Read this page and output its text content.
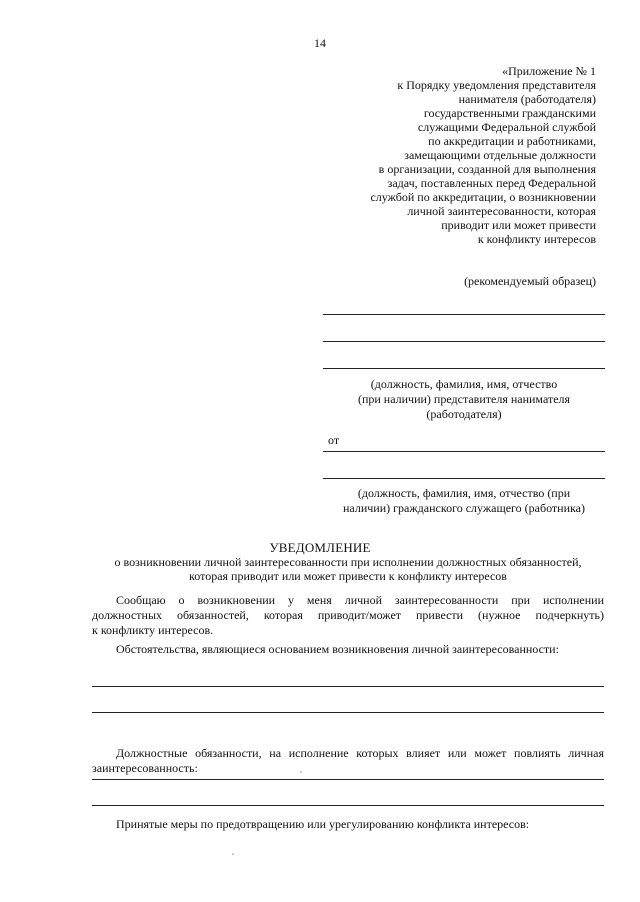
14
«Приложение № 1
к Порядку уведомления представителя
нанимателя (работодателя)
государственными гражданскими
служащими Федеральной службой
по аккредитации и работниками,
замещающими отдельные должности
в организации, созданной для выполнения
задач, поставленных перед Федеральной
службой по аккредитации, о возникновении
личной заинтересованности, которая
приводит или может привести
к конфликту интересов
(рекомендуемый образец)
(должность, фамилия, имя, отчество
(при наличии) представителя нанимателя
(работодателя)
от
(должность, фамилия, имя, отчество (при
наличии) гражданского служащего (работника)
УВЕДОМЛЕНИЕ
о возникновении личной заинтересованности при исполнении должностных обязанностей,
которая приводит или может привести к конфликту интересов
Сообщаю о возникновении у меня личной заинтересованности при исполнении
должностных обязанностей, которая приводит/может привести (нужное подчеркнуть)
к конфликту интересов.
Обстоятельства, являющиеся основанием возникновения личной заинтересованности:
Должностные обязанности, на исполнение которых влияет или может повлиять личная
заинтересованность:
Принятые меры по предотвращению или урегулированию конфликта интересов:
